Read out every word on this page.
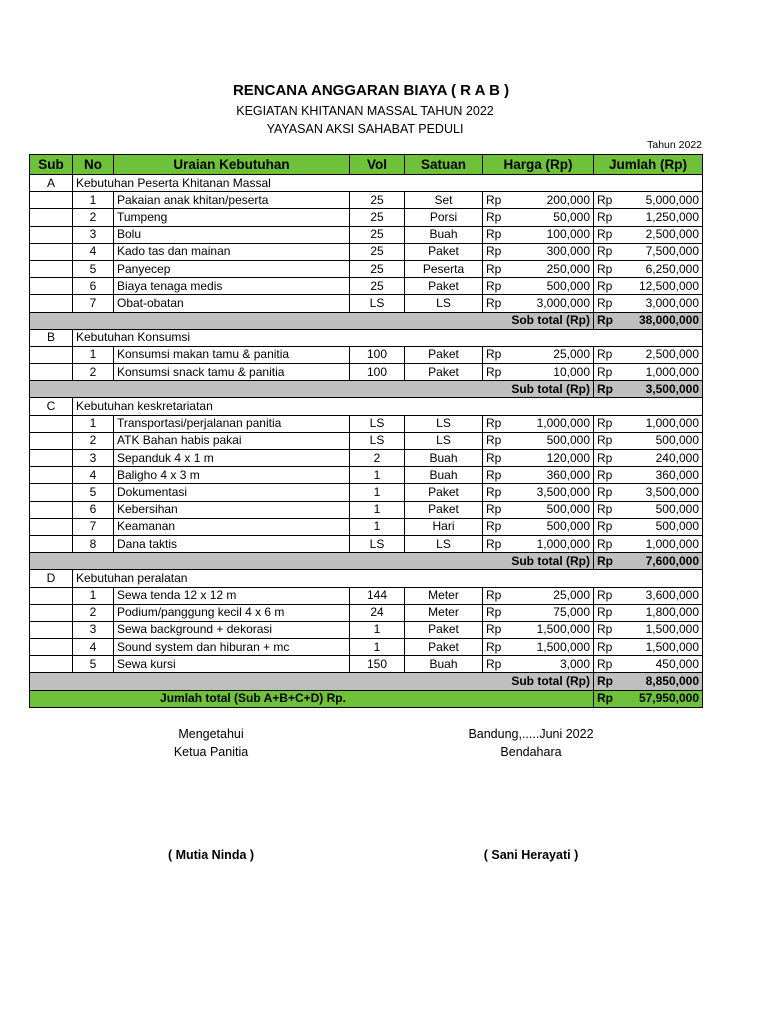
RENCANA ANGGARAN BIAYA ( R A B )
KEGIATAN KHITANAN MASSAL TAHUN 2022
YAYASAN AKSI SAHABAT PEDULI
Tahun 2022
Sub	No	Uraian Kebutuhan	Vol	Satuan	Harga (Rp)	Jumlah (Rp)
A	Kebutuhan Peserta Khitanan Massal					
	1	Pakaian anak khitan/peserta	25	Set	Rp 200,000	Rp 5,000,000
	2	Tumpeng	25	Porsi	Rp 50,000	Rp 1,250,000
	3	Bolu	25	Buah	Rp 100,000	Rp 2,500,000
	4	Kado tas dan mainan	25	Paket	Rp 300,000	Rp 7,500,000
	5	Panyecep	25	Peserta	Rp 250,000	Rp 6,250,000
	6	Biaya tenaga medis	25	Paket	Rp 500,000	Rp 12,500,000
	7	Obat-obatan	LS	LS	Rp 3,000,000	Rp 3,000,000
Sob total (Rp)						Rp 38,000,000
B	Kebutuhan Konsumsi					
	1	Konsumsi makan tamu & panitia	100	Paket	Rp 25,000	Rp 2,500,000
	2	Konsumsi snack tamu & panitia	100	Paket	Rp 10,000	Rp 1,000,000
Sub total (Rp)						Rp 3,500,000
C	Kebutuhan keskretariatan					
	1	Transportasi/perjalanan panitia	LS	LS	Rp 1,000,000	Rp 1,000,000
	2	ATK Bahan habis pakai	LS	LS	Rp 500,000	Rp 500,000
	3	Sepanduk 4 x 1 m	2	Buah	Rp 120,000	Rp 240,000
	4	Baligho 4 x 3 m	1	Buah	Rp 360,000	Rp 360,000
	5	Dokumentasi	1	Paket	Rp 3,500,000	Rp 3,500,000
	6	Kebersihan	1	Paket	Rp 500,000	Rp 500,000
	7	Keamanan	1	Hari	Rp 500,000	Rp 500,000
	8	Dana taktis	LS	LS	Rp 1,000,000	Rp 1,000,000
Sub total (Rp)						Rp 7,600,000
D	Kebutuhan peralatan					
	1	Sewa tenda 12 x 12 m	144	Meter	Rp 25,000	Rp 3,600,000
	2	Podium/panggung kecil 4 x 6 m	24	Meter	Rp 75,000	Rp 1,800,000
	3	Sewa background + dekorasi	1	Paket	Rp 1,500,000	Rp 1,500,000
	4	Sound system dan hiburan + mc	1	Paket	Rp 1,500,000	Rp 1,500,000
	5	Sewa kursi	150	Buah	Rp 3,000	Rp 450,000
Sub total (Rp)						Rp 8,850,000
Jumlah total (Sub A+B+C+D) Rp.						Rp 57,950,000
Mengetahui
Ketua Panitia
( Mutia Ninda )
Bandung,.....Juni 2022
Bendahara
( Sani Herayati )
